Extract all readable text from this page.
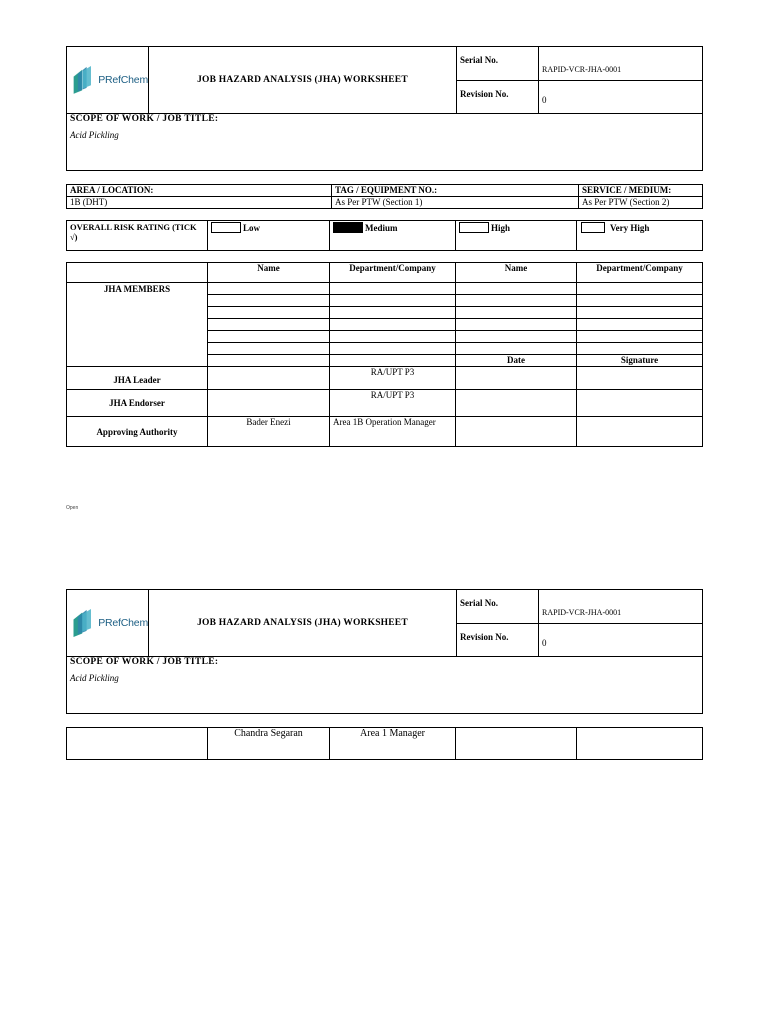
PRefChem	JOB HAZARD ANALYSIS (JHA) WORKSHEET	Serial No.	RAPID-VCR-JHA-0001
		Revision No.	0

SCOPE OF WORK / JOB TITLE:
Acid Pickling			
AREA / LOCATION:	TAG / EQUIPMENT NO.:	SERVICE / MEDIUM:
1B (DHT)	As Per PTW (Section 1)	As Per PTW (Section 2)
OVERALL RISK RATING (TICK √)	
Low	Medium	High	Very High
	Name	Department/Company	Name	Department/Company
JHA MEMBERS				

			Date	Signature
JHA Leader		RA/UPT P3		
JHA Endorser		RA/UPT P3		
Approving Authority	Bader Enezi	Area 1B Operation Manager		
Open
PRefChem	JOB HAZARD ANALYSIS (JHA) WORKSHEET	Serial No.	RAPID-VCR-JHA-0001
		Revision No.	0

SCOPE OF WORK / JOB TITLE:
Acid Pickling			
	Chandra Segaran	Area 1 Manager		
